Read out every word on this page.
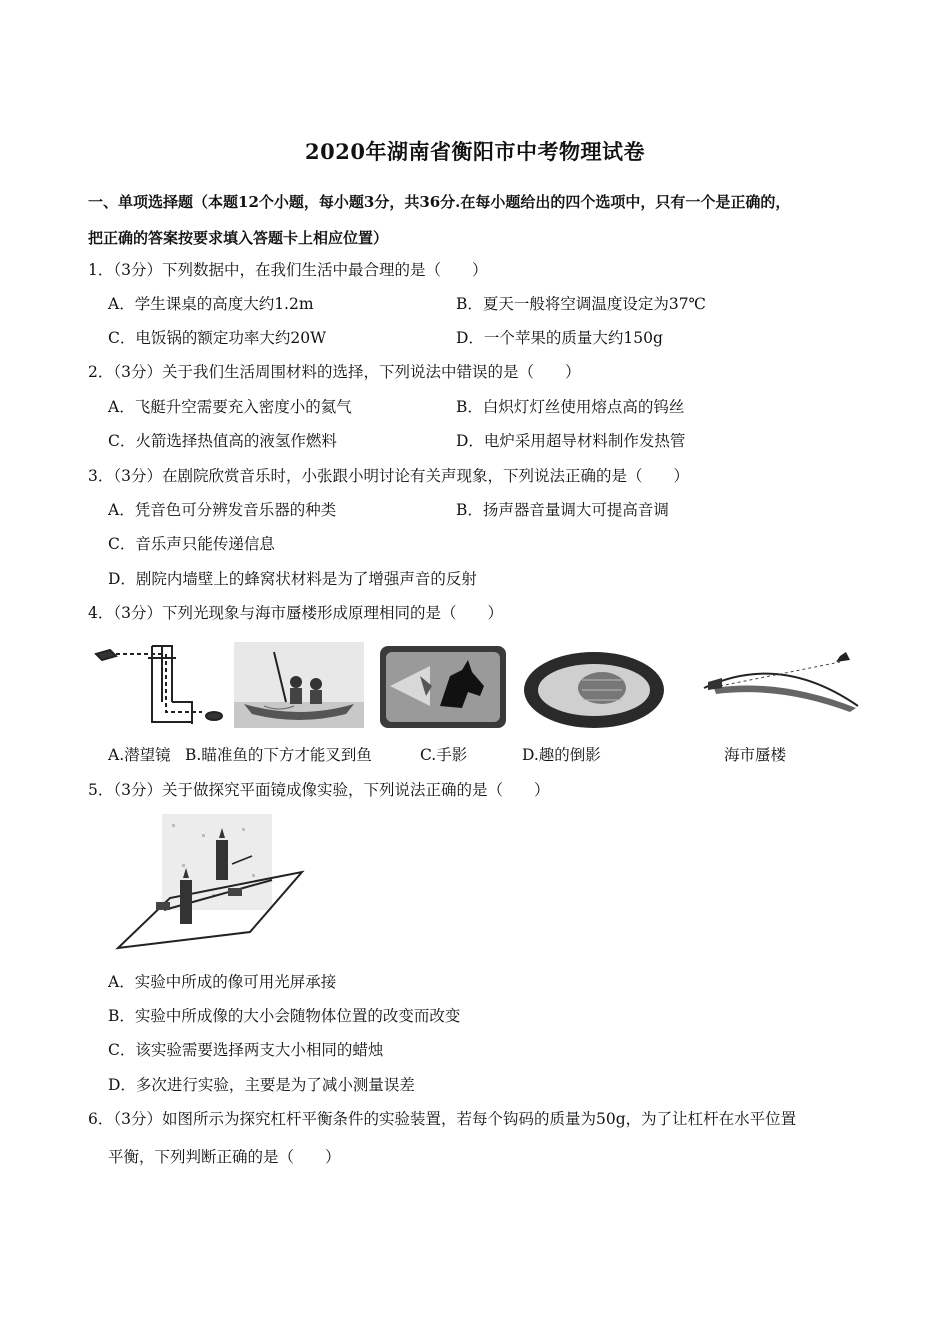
2020年湖南省衡阳市中考物理试卷
一、单项选择题（本题12个小题，每小题3分，共36分.在每小题给出的四个选项中，只有一个是正确的，
把正确的答案按要求填入答题卡上相应位置）
1．（3分）下列数据中，在我们生活中最合理的是（　　）
A．学生课桌的高度大约1.2m	B．夏天一般将空调温度设定为37℃
C．电饭锅的额定功率大约20W	D．一个苹果的质量大约150g
2．（3分）关于我们生活周围材料的选择，下列说法中错误的是（　　）
A．飞艇升空需要充入密度小的氦气	B．白炽灯灯丝使用熔点高的钨丝
C．火箭选择热值高的液氢作燃料	D．电炉采用超导材料制作发热管
3．（3分）在剧院欣赏音乐时，小张跟小明讨论有关声现象，下列说法正确的是（　　）
A．凭音色可分辨发音乐器的种类	B．扬声器音量调大可提高音调
C．音乐声只能传递信息
D．剧院内墙壁上的蜂窝状材料是为了增强声音的反射
4．（3分）下列光现象与海市蜃楼形成原理相同的是（　　）
A.潜望镜 B.瞄准鱼的下方才能叉到鱼	C.手影	D.趣的倒影	海市蜃楼
5．（3分）关于做探究平面镜成像实验，下列说法正确的是（　　）
A．实验中所成的像可用光屏承接
B．实验中所成像的大小会随物体位置的改变而改变
C．该实验需要选择两支大小相同的蜡烛
D．多次进行实验，主要是为了减小测量误差
6．（3分）如图所示为探究杠杆平衡条件的实验装置，若每个钩码的质量为50g，为了让杠杆在水平位置
平衡，下列判断正确的是（　　）
